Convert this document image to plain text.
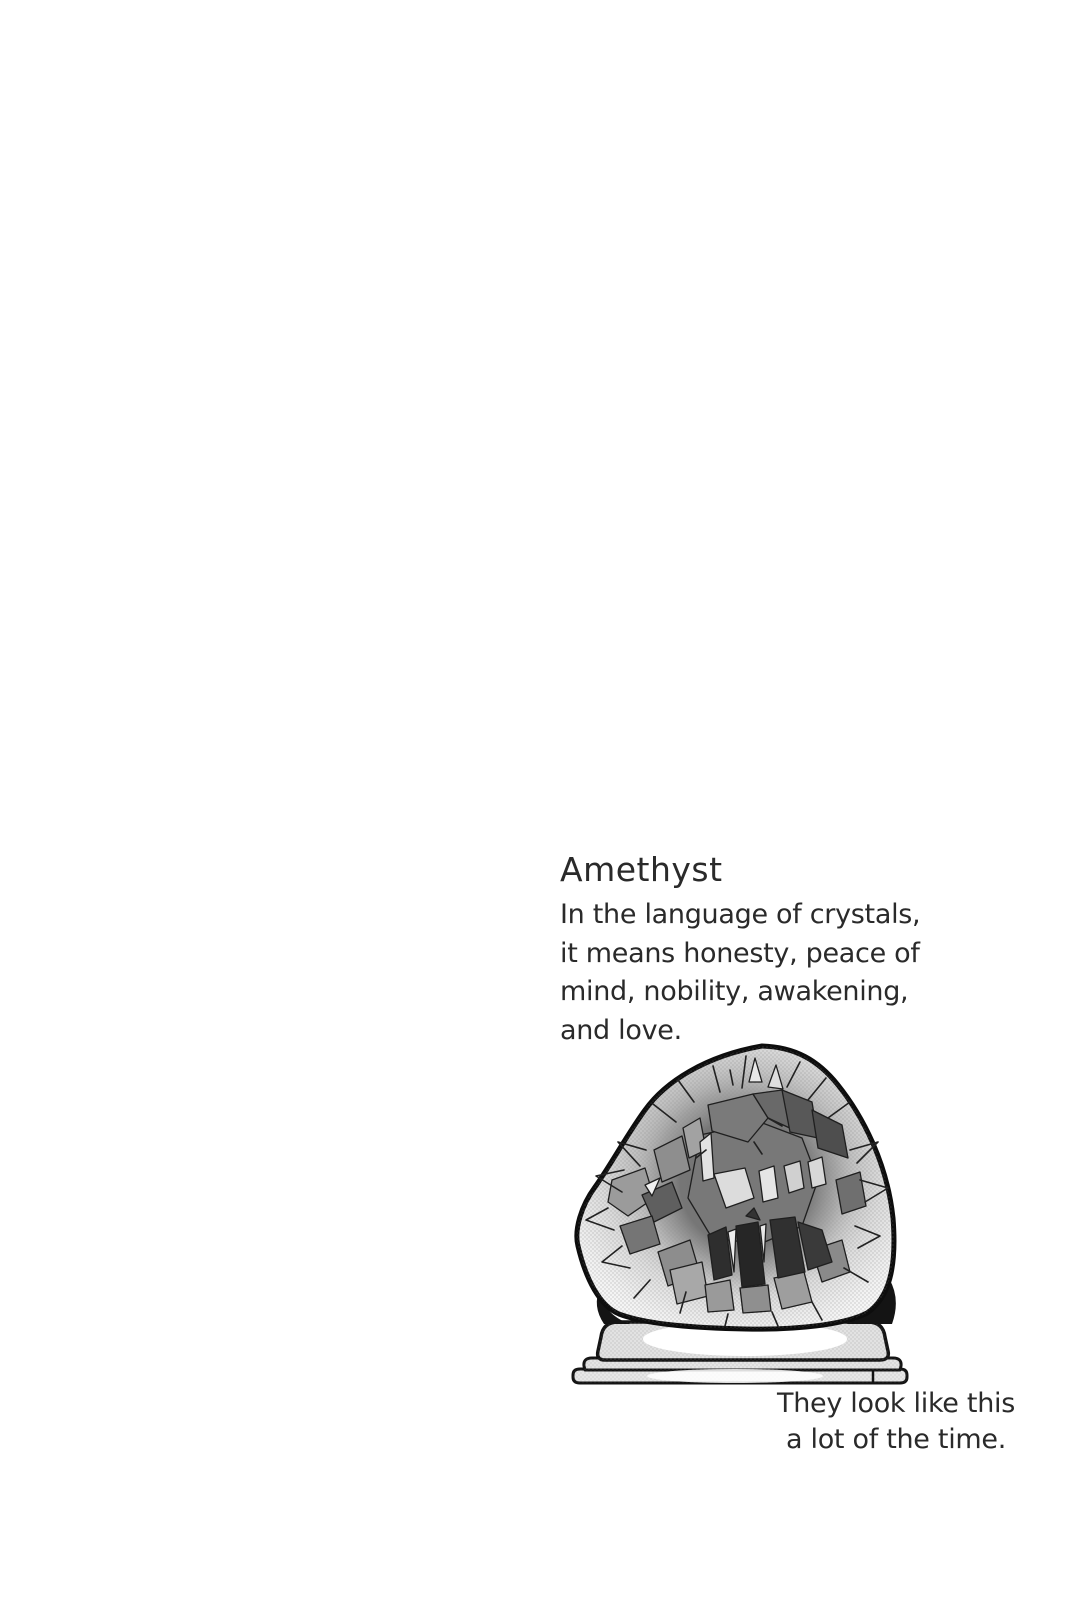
Amethyst
In the language of crystals,
it means honesty, peace of
mind, nobility, awakening,
and love.
They look like this
a lot of the time.
